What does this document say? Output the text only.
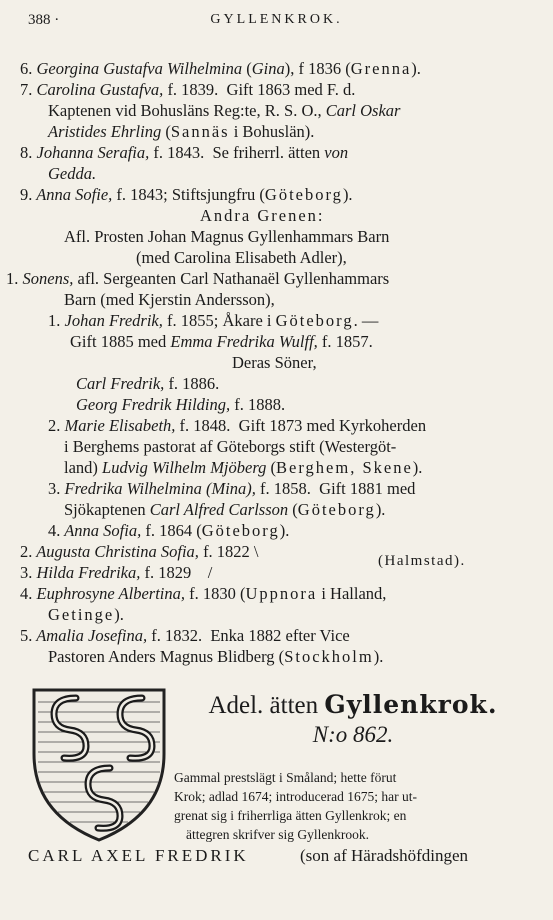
388 ·	GYLLENKROK.
6. Georgina Gustafva Wilhelmina (Gina), f 1836 (Grenna).
7. Carolina Gustafva, f. 1839.  Gift 1863 med F. d.
Kaptenen vid Bohusläns Reg:te, R. S. O., Carl Oskar
Aristides Ehrling (Sannäs i Bohuslän).
8. Johanna Serafia, f. 1843.  Se friherrl. ätten von
Gedda.
9. Anna Sofie, f. 1843; Stiftsjungfru (Göteborg).
Andra Grenen:
Afl. Prosten Johan Magnus Gyllenhammars Barn
(med Carolina Elisabeth Adler),
1. Sonens, afl. Sergeanten Carl Nathanaël Gyllenhammars
Barn (med Kjerstin Andersson),
1. Johan Fredrik, f. 1855; Åkare i Göteborg. —
Gift 1885 med Emma Fredrika Wulff, f. 1857.
Deras Söner,
Carl Fredrik, f. 1886.
Georg Fredrik Hilding, f. 1888.
2. Marie Elisabeth, f. 1848.  Gift 1873 med Kyrkoherden
i Berghems pastorat af Göteborgs stift (Westergöt-
land) Ludvig Wilhelm Mjöberg (Berghem, Skene).
3. Fredrika Wilhelmina (Mina), f. 1858.  Gift 1881 med
Sjökaptenen Carl Alfred Carlsson (Göteborg).
4. Anna Sofia, f. 1864 (Göteborg).
2. Augusta Christina Sofia, f. 1822 \
3. Hilda Fredrika, f. 1829    /
4. Euphrosyne Albertina, f. 1830 (Uppnora i Halland,
Getinge).
5. Amalia Josefina, f. 1832.  Enka 1882 efter Vice
Pastoren Anders Magnus Blidberg (Stockholm).
(Halmstad).
Adel. ätten Gyllenkrok.
N:o 862.
Gammal prestslägt i Småland; hette förut
Krok; adlad 1674; introducerad 1675; har ut-
grenat sig i friherrliga ätten Gyllenkrok; en
ättegren skrifver sig Gyllenkrook.
CARL AXEL FREDRIK	(son af Häradshöfdingen
